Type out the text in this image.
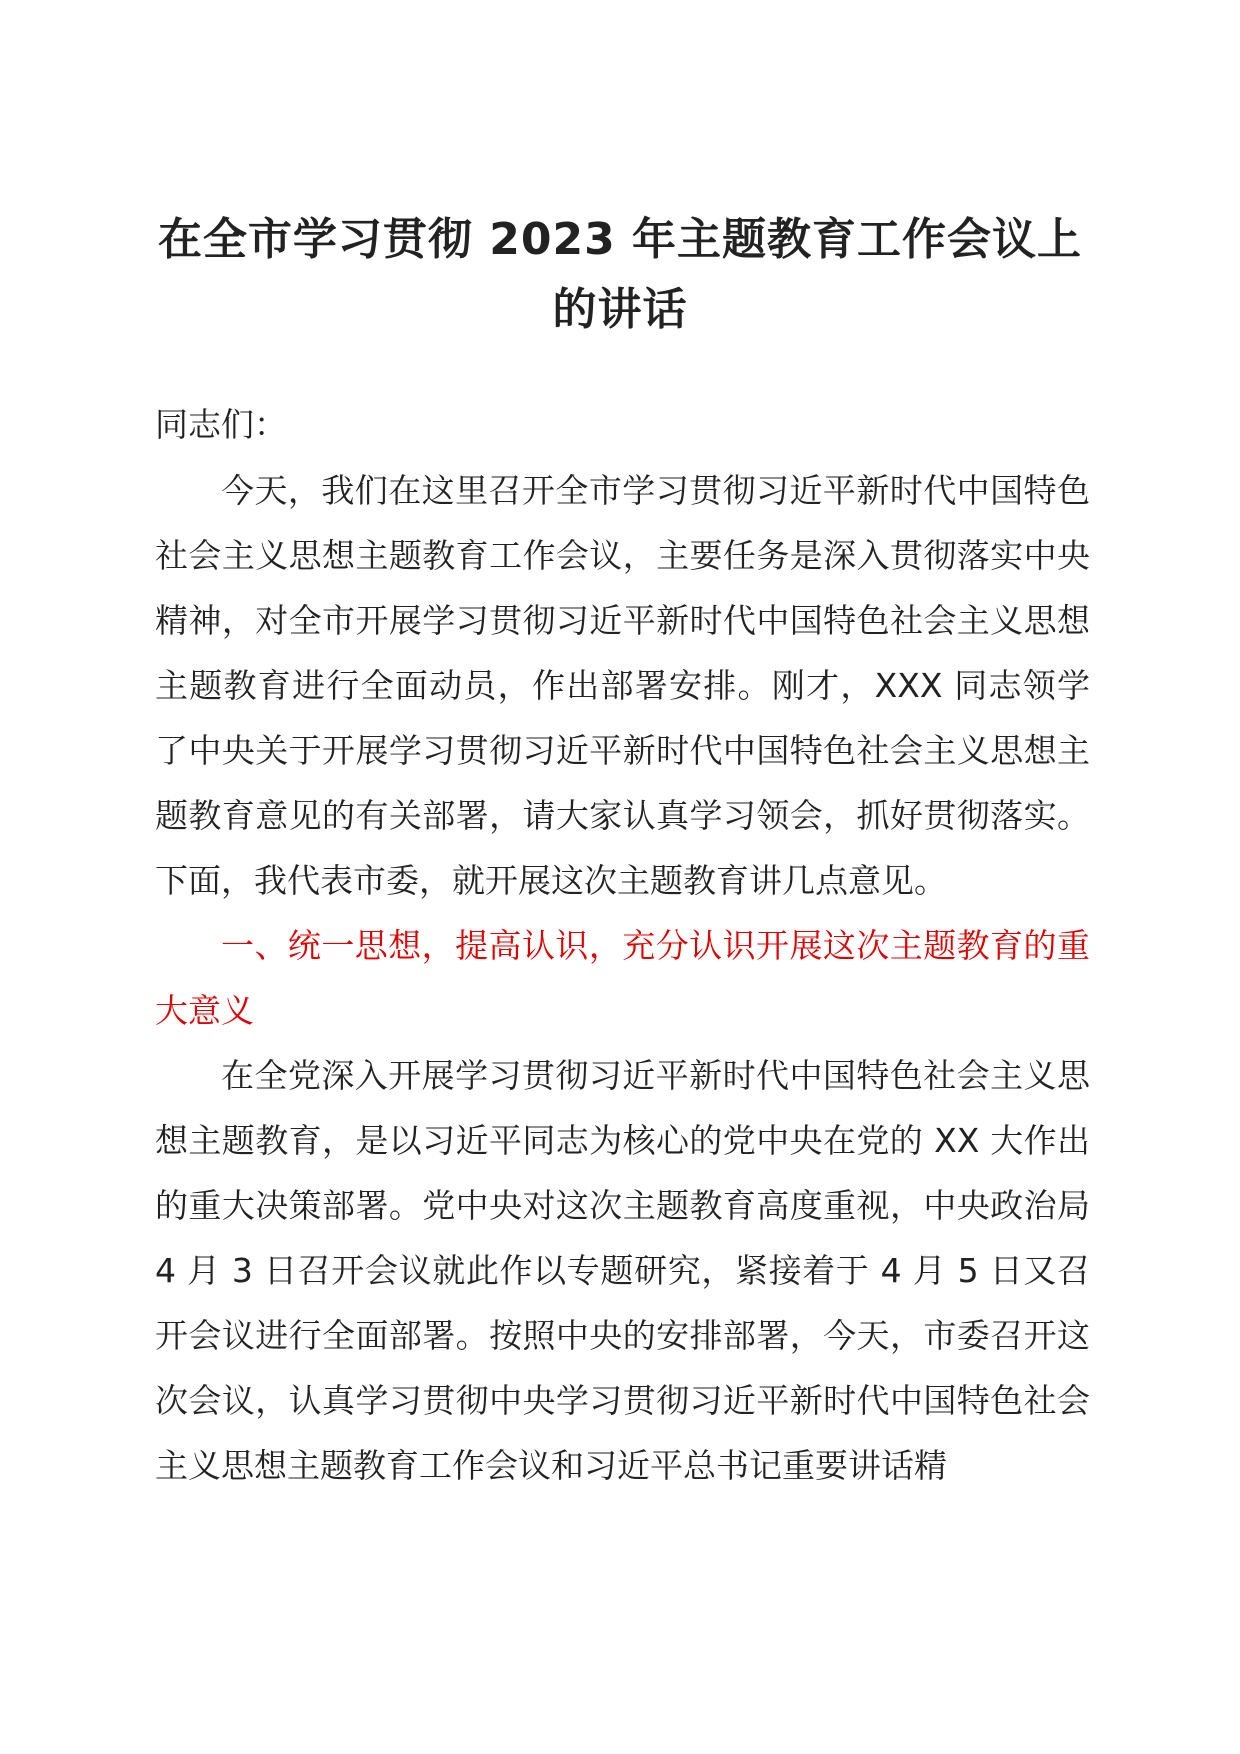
在全市学习贯彻 2023 年主题教育工作会议上的讲话

同志们：

今天，我们在这里召开全市学习贯彻习近平新时代中国特色社会主义思想主题教育工作会议，主要任务是深入贯彻落实中央精神，对全市开展学习贯彻习近平新时代中国特色社会主义思想主题教育进行全面动员，作出部署安排。刚才，XXX 同志领学了中央关于开展学习贯彻习近平新时代中国特色社会主义思想主题教育意见的有关部署，请大家认真学习领会，抓好贯彻落实。下面，我代表市委，就开展这次主题教育讲几点意见。

一、统一思想，提高认识，充分认识开展这次主题教育的重大意义

在全党深入开展学习贯彻习近平新时代中国特色社会主义思想主题教育，是以习近平同志为核心的党中央在党的 XX 大作出的重大决策部署。党中央对这次主题教育高度重视，中央政治局 4 月 3 日召开会议就此作以专题研究，紧接着于 4 月 5 日又召开会议进行全面部署。按照中央的安排部署，今天，市委召开这次会议，认真学习贯彻中央学习贯彻习近平新时代中国特色社会主义思想主题教育工作会议和习近平总书记重要讲话精
